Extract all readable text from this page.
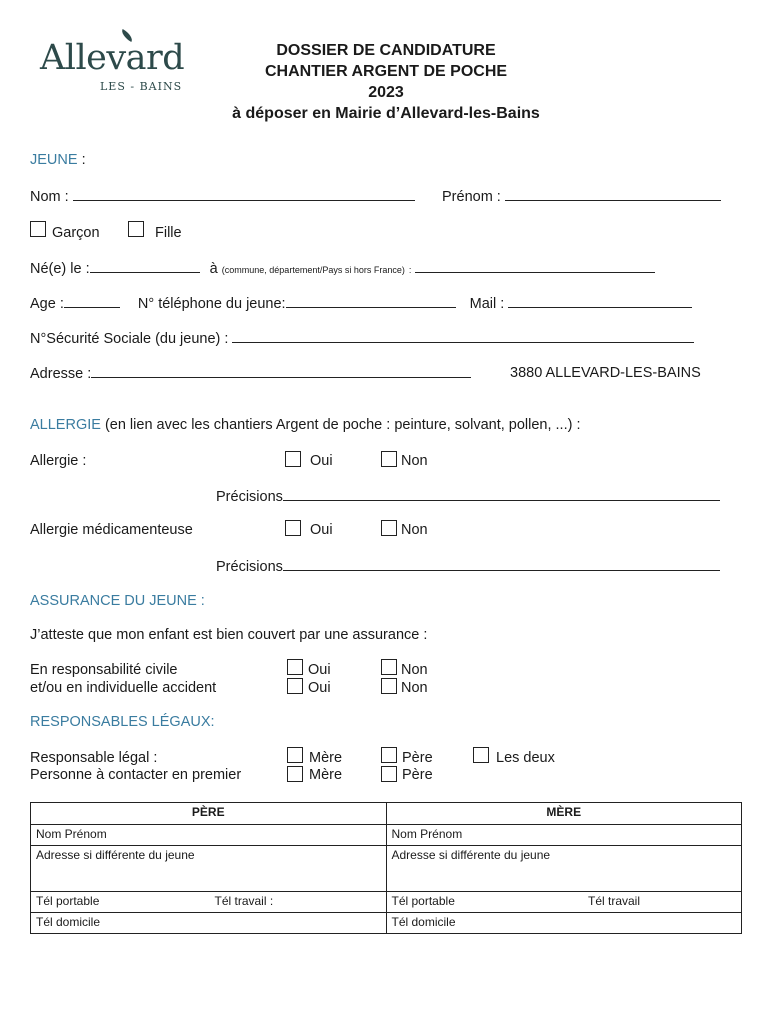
Allevard
LES - BAINS
DOSSIER DE CANDIDATURE
CHANTIER ARGENT DE POCHE
2023
à déposer en Mairie d’Allevard-les-Bains
JEUNE :
Nom :	Prénom :
Garçon	Fille
Né(e) le :	à (commune, département/Pays si hors France) :
Age :	N° téléphone du jeune:	Mail :
N°Sécurité Sociale (du jeune) :
Adresse :	3880 ALLEVARD-LES-BAINS
ALLERGIE (en lien avec les chantiers Argent de poche : peinture, solvant, pollen, ...) :
Allergie :	Oui	Non
Précisions
Allergie médicamenteuse	Oui	Non
Précisions
ASSURANCE DU JEUNE :
J’atteste que mon enfant est bien couvert par une assurance :
En responsabilité civile	Oui	Non
et/ou en individuelle accident	Oui	Non
RESPONSABLES LÉGAUX:
Responsable légal :	Mère	Père	Les deux
Personne à contacter en premier	Mère	Père
PÈRE	MÈRE
Nom Prénom	Nom Prénom
Adresse si différente du jeune	Adresse si différente du jeune
Tél portable Tél travail :	Tél portable Tél travail
Tél domicile	Tél domicile
